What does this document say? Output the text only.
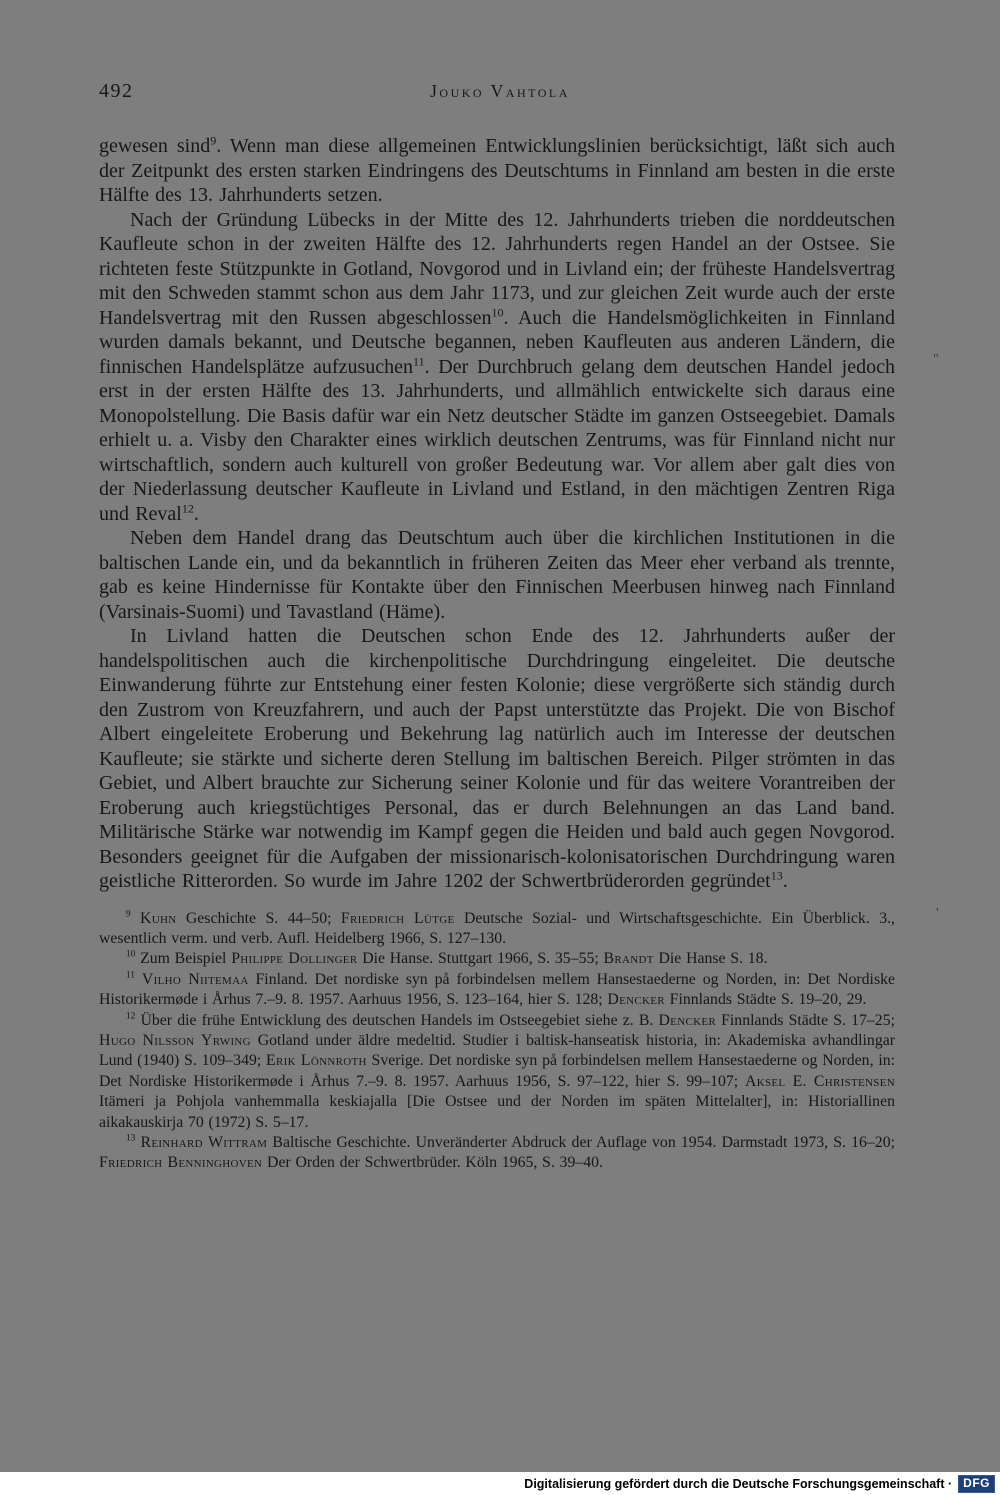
492	Jouko Vahtola

gewesen sind$^9$. Wenn man diese allgemeinen Entwicklungslinien berücksichtigt, läßt sich auch der Zeitpunkt des ersten starken Eindringens des Deutschtums in Finnland am besten in die erste Hälfte des 13. Jahrhunderts setzen.

Nach der Gründung Lübecks in der Mitte des 12. Jahrhunderts trieben die norddeutschen Kaufleute schon in der zweiten Hälfte des 12. Jahrhunderts regen Handel an der Ostsee. Sie richteten feste Stützpunkte in Gotland, Novgorod und in Livland ein; der früheste Handelsvertrag mit den Schweden stammt schon aus dem Jahr 1173, und zur gleichen Zeit wurde auch der erste Handelsvertrag mit den Russen abgeschlossen$^{10}$. Auch die Handelsmöglichkeiten in Finnland wurden damals bekannt, und Deutsche begannen, neben Kaufleuten aus anderen Ländern, die finnischen Handelsplätze aufzusuchen$^{11}$. Der Durchbruch gelang dem deutschen Handel jedoch erst in der ersten Hälfte des 13. Jahrhunderts, und allmählich entwickelte sich daraus eine Monopolstellung. Die Basis dafür war ein Netz deutscher Städte im ganzen Ostseegebiet. Damals erhielt u. a. Visby den Charakter eines wirklich deutschen Zentrums, was für Finnland nicht nur wirtschaftlich, sondern auch kulturell von großer Bedeutung war. Vor allem aber galt dies von der Niederlassung deutscher Kaufleute in Livland und Estland, in den mächtigen Zentren Riga und Reval$^{12}$.

Neben dem Handel drang das Deutschtum auch über die kirchlichen Institutionen in die baltischen Lande ein, und da bekanntlich in früheren Zeiten das Meer eher verband als trennte, gab es keine Hindernisse für Kontakte über den Finnischen Meerbusen hinweg nach Finnland (Varsinais-Suomi) und Tavastland (Häme).

In Livland hatten die Deutschen schon Ende des 12. Jahrhunderts außer der handelspolitischen auch die kirchenpolitische Durchdringung eingeleitet. Die deutsche Einwanderung führte zur Entstehung einer festen Kolonie; diese vergrößerte sich ständig durch den Zustrom von Kreuzfahrern, und auch der Papst unterstützte das Projekt. Die von Bischof Albert eingeleitete Eroberung und Bekehrung lag natürlich auch im Interesse der deutschen Kaufleute; sie stärkte und sicherte deren Stellung im baltischen Bereich. Pilger strömten in das Gebiet, und Albert brauchte zur Sicherung seiner Kolonie und für das weitere Vorantreiben der Eroberung auch kriegstüchtiges Personal, das er durch Belehnungen an das Land band. Militärische Stärke war notwendig im Kampf gegen die Heiden und bald auch gegen Novgorod. Besonders geeignet für die Aufgaben der missionarisch-kolonisatorischen Durchdringung waren geistliche Ritterorden. So wurde im Jahre 1202 der Schwertbrüderorden gegründet$^{13}$.

$^9$ Kuhn Geschichte S. 44–50; Friedrich Lütge Deutsche Sozial- und Wirtschaftsgeschichte. Ein Überblick. 3., wesentlich verm. und verb. Aufl. Heidelberg 1966, S. 127–130.

$^{10}$ Zum Beispiel Philippe Dollinger Die Hanse. Stuttgart 1966, S. 35–55; Brandt Die Hanse S. 18.

$^{11}$ Vilho Niitemaa Finland. Det nordiske syn på forbindelsen mellem Hansestaederne og Norden, in: Det Nordiske Historikermøde i Århus 7.–9. 8. 1957. Aarhuus 1956, S. 123–164, hier S. 128; Dencker Finnlands Städte S. 19–20, 29.

$^{12}$ Über die frühe Entwicklung des deutschen Handels im Ostseegebiet siehe z. B. Dencker Finnlands Städte S. 17–25; Hugo Nilsson Yrwing Gotland under äldre medeltid. Studier i baltisk-hanseatisk historia, in: Akademiska avhandlingar Lund (1940) S. 109–349; Erik Lönnroth Sverige. Det nordiske syn på forbindelsen mellem Hansestaederne og Norden, in: Det Nordiske Historikermøde i Århus 7.–9. 8. 1957. Aarhuus 1956, S. 97–122, hier S. 99–107; Aksel E. Christensen Itämeri ja Pohjola vanhemmalla keskiajalla [Die Ostsee und der Norden im späten Mittelalter], in: Historiallinen aikakauskirja 70 (1972) S. 5–17.

$^{13}$ Reinhard Wittram Baltische Geschichte. Unveränderter Abdruck der Auflage von 1954. Darmstadt 1973, S. 16–20; Friedrich Benninghoven Der Orden der Schwertbrüder. Köln 1965, S. 39–40.

"
'
Digitalisierung gefördert durch die Deutsche Forschungsgemeinschaft · DFG
